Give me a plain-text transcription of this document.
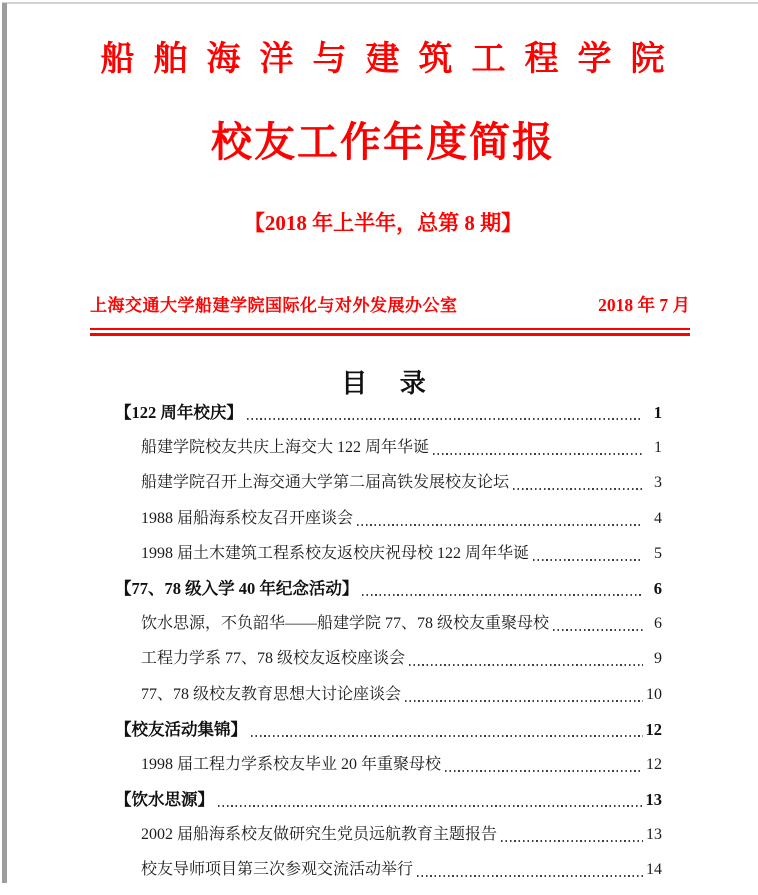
船舶海洋与建筑工程学院
校友工作年度简报
【2018 年上半年，总第 8 期】
上海交通大学船建学院国际化与对外发展办公室	2018 年 7 月
目 录
【122 周年校庆】	1
船建学院校友共庆上海交大 122 周年华诞	1
船建学院召开上海交通大学第二届高铁发展校友论坛	3
1988 届船海系校友召开座谈会	4
1998 届土木建筑工程系校友返校庆祝母校 122 周年华诞	5
【77、78 级入学 40 年纪念活动】	6
饮水思源，不负韶华——船建学院 77、78 级校友重聚母校	6
工程力学系 77、78 级校友返校座谈会	9
77、78 级校友教育思想大讨论座谈会	10
【校友活动集锦】	12
1998 届工程力学系校友毕业 20 年重聚母校	12
【饮水思源】	13
2002 届船海系校友做研究生党员远航教育主题报告	13
校友导师项目第三次参观交流活动举行	14
